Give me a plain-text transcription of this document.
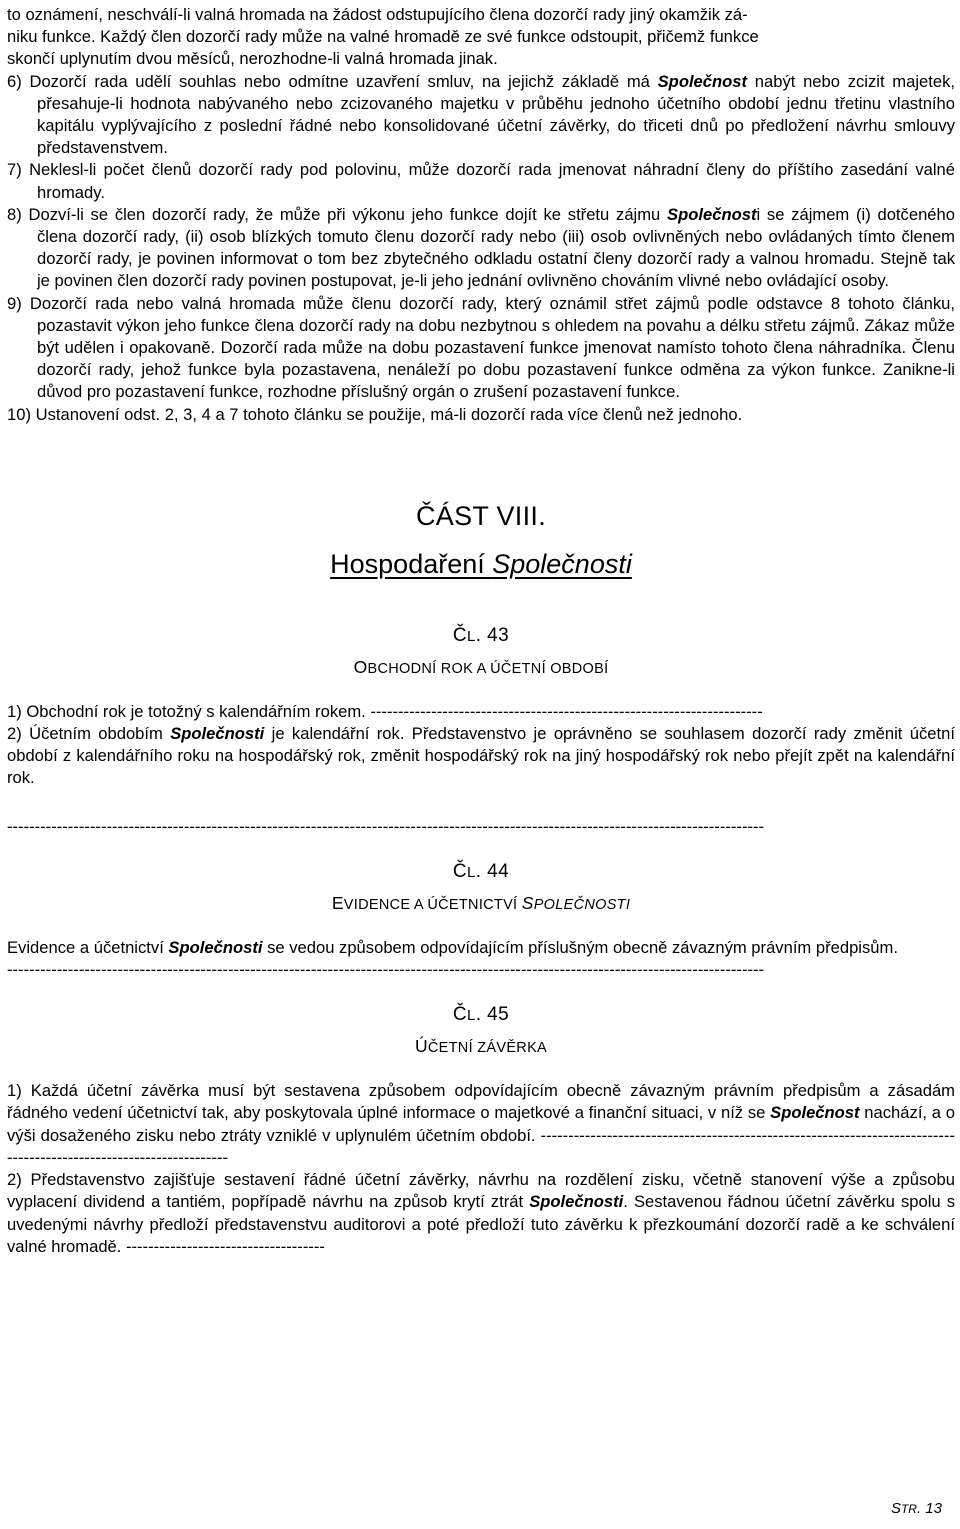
to oznámení, neschválí-li valná hromada na žádost odstupujícího člena dozorčí rady jiný okamžik zá-

niku funkce. Každý člen dozorčí rady může na valné hromadě ze své funkce odstoupit, přičemž funkce

skončí uplynutím dvou měsíců, nerozhodne-li valná hromada jinak.

6) Dozorčí rada udělí souhlas nebo odmítne uzavření smluv, na jejichž základě má Společnost nabýt nebo zcizit majetek, přesahuje-li hodnota nabývaného nebo zcizovaného majetku v průběhu jednoho účetního období jednu třetinu vlastního kapitálu vyplývajícího z poslední řádné nebo konsolidované účetní závěrky, do třiceti dnů po předložení návrhu smlouvy představenstvem.

7) Neklesl-li počet členů dozorčí rady pod polovinu, může dozorčí rada jmenovat náhradní členy do příštího zasedání valné hromady.

8) Dozví-li se člen dozorčí rady, že může při výkonu jeho funkce dojít ke střetu zájmu Společnosti se zájmem (i) dotčeného člena dozorčí rady, (ii) osob blízkých tomuto členu dozorčí rady nebo (iii) osob ovlivněných nebo ovládaných tímto členem dozorčí rady, je povinen informovat o tom bez zbytečného odkladu ostatní členy dozorčí rady a valnou hromadu. Stejně tak je povinen člen dozorčí rady povinen postupovat, je-li jeho jednání ovlivněno chováním vlivné nebo ovládající osoby.

9) Dozorčí rada nebo valná hromada může členu dozorčí rady, který oznámil střet zájmů podle odstavce 8 tohoto článku, pozastavit výkon jeho funkce člena dozorčí rady na dobu nezbytnou s ohledem na povahu a délku střetu zájmů. Zákaz může být udělen i opakovaně. Dozorčí rada může na dobu pozastavení funkce jmenovat namísto tohoto člena náhradníka. Členu dozorčí rady, jehož funkce byla pozastavena, nenáleží po dobu pozastavení funkce odměna za výkon funkce. Zanikne-li důvod pro pozastavení funkce, rozhodne příslušný orgán o zrušení pozastavení funkce.

10) Ustanovení odst. 2, 3, 4 a 7 tohoto článku se použije, má-li dozorčí rada více členů než jednoho.

ČÁST VIII.
Hospodaření Společnosti
ČL. 43
OBCHODNÍ ROK A ÚČETNÍ OBDOBÍ

1) Obchodní rok je totožný s kalendářním rokem. -----------------------------------------------------------------------

2) Účetním obdobím Společnosti je kalendářní rok. Představenstvo je oprávněno se souhlasem dozorčí rady změnit účetní období z kalendářního roku na hospodářský rok, změnit hospodářský rok na jiný hospodářský rok nebo přejít zpět na kalendářní rok.

-----------------------------------------------------------------------------------------------------------------------------------------

ČL. 44
EVIDENCE A ÚČETNICTVÍ SPOLEČNOSTI

Evidence a účetnictví Společnosti se vedou způsobem odpovídajícím příslušným obecně závazným právním předpisům.

-----------------------------------------------------------------------------------------------------------------------------------------

ČL. 45
ÚČETNÍ ZÁVĚRKA

1) Každá účetní závěrka musí být sestavena způsobem odpovídajícím obecně závazným právním předpisům a zásadám řádného vedení účetnictví tak, aby poskytovala úplné informace o majetkové a finanční situaci, v níž se Společnost nachází, a o výši dosaženého zisku nebo ztráty vzniklé v uplynulém účetním období. -------------------------------------------------------------------------------------------------------------------

2) Představenstvo zajišťuje sestavení řádné účetní závěrky, návrhu na rozdělení zisku, včetně stanovení výše a způsobu vyplacení dividend a tantiém, popřípadě návrhu na způsob krytí ztrát Společnosti. Sestavenou řádnou účetní závěrku spolu s uvedenými návrhy předloží představenstvu auditorovi a poté předloží tuto závěrku k přezkoumání dozorčí radě a ke schválení valné hromadě. ------------------------------------

STR. 13
